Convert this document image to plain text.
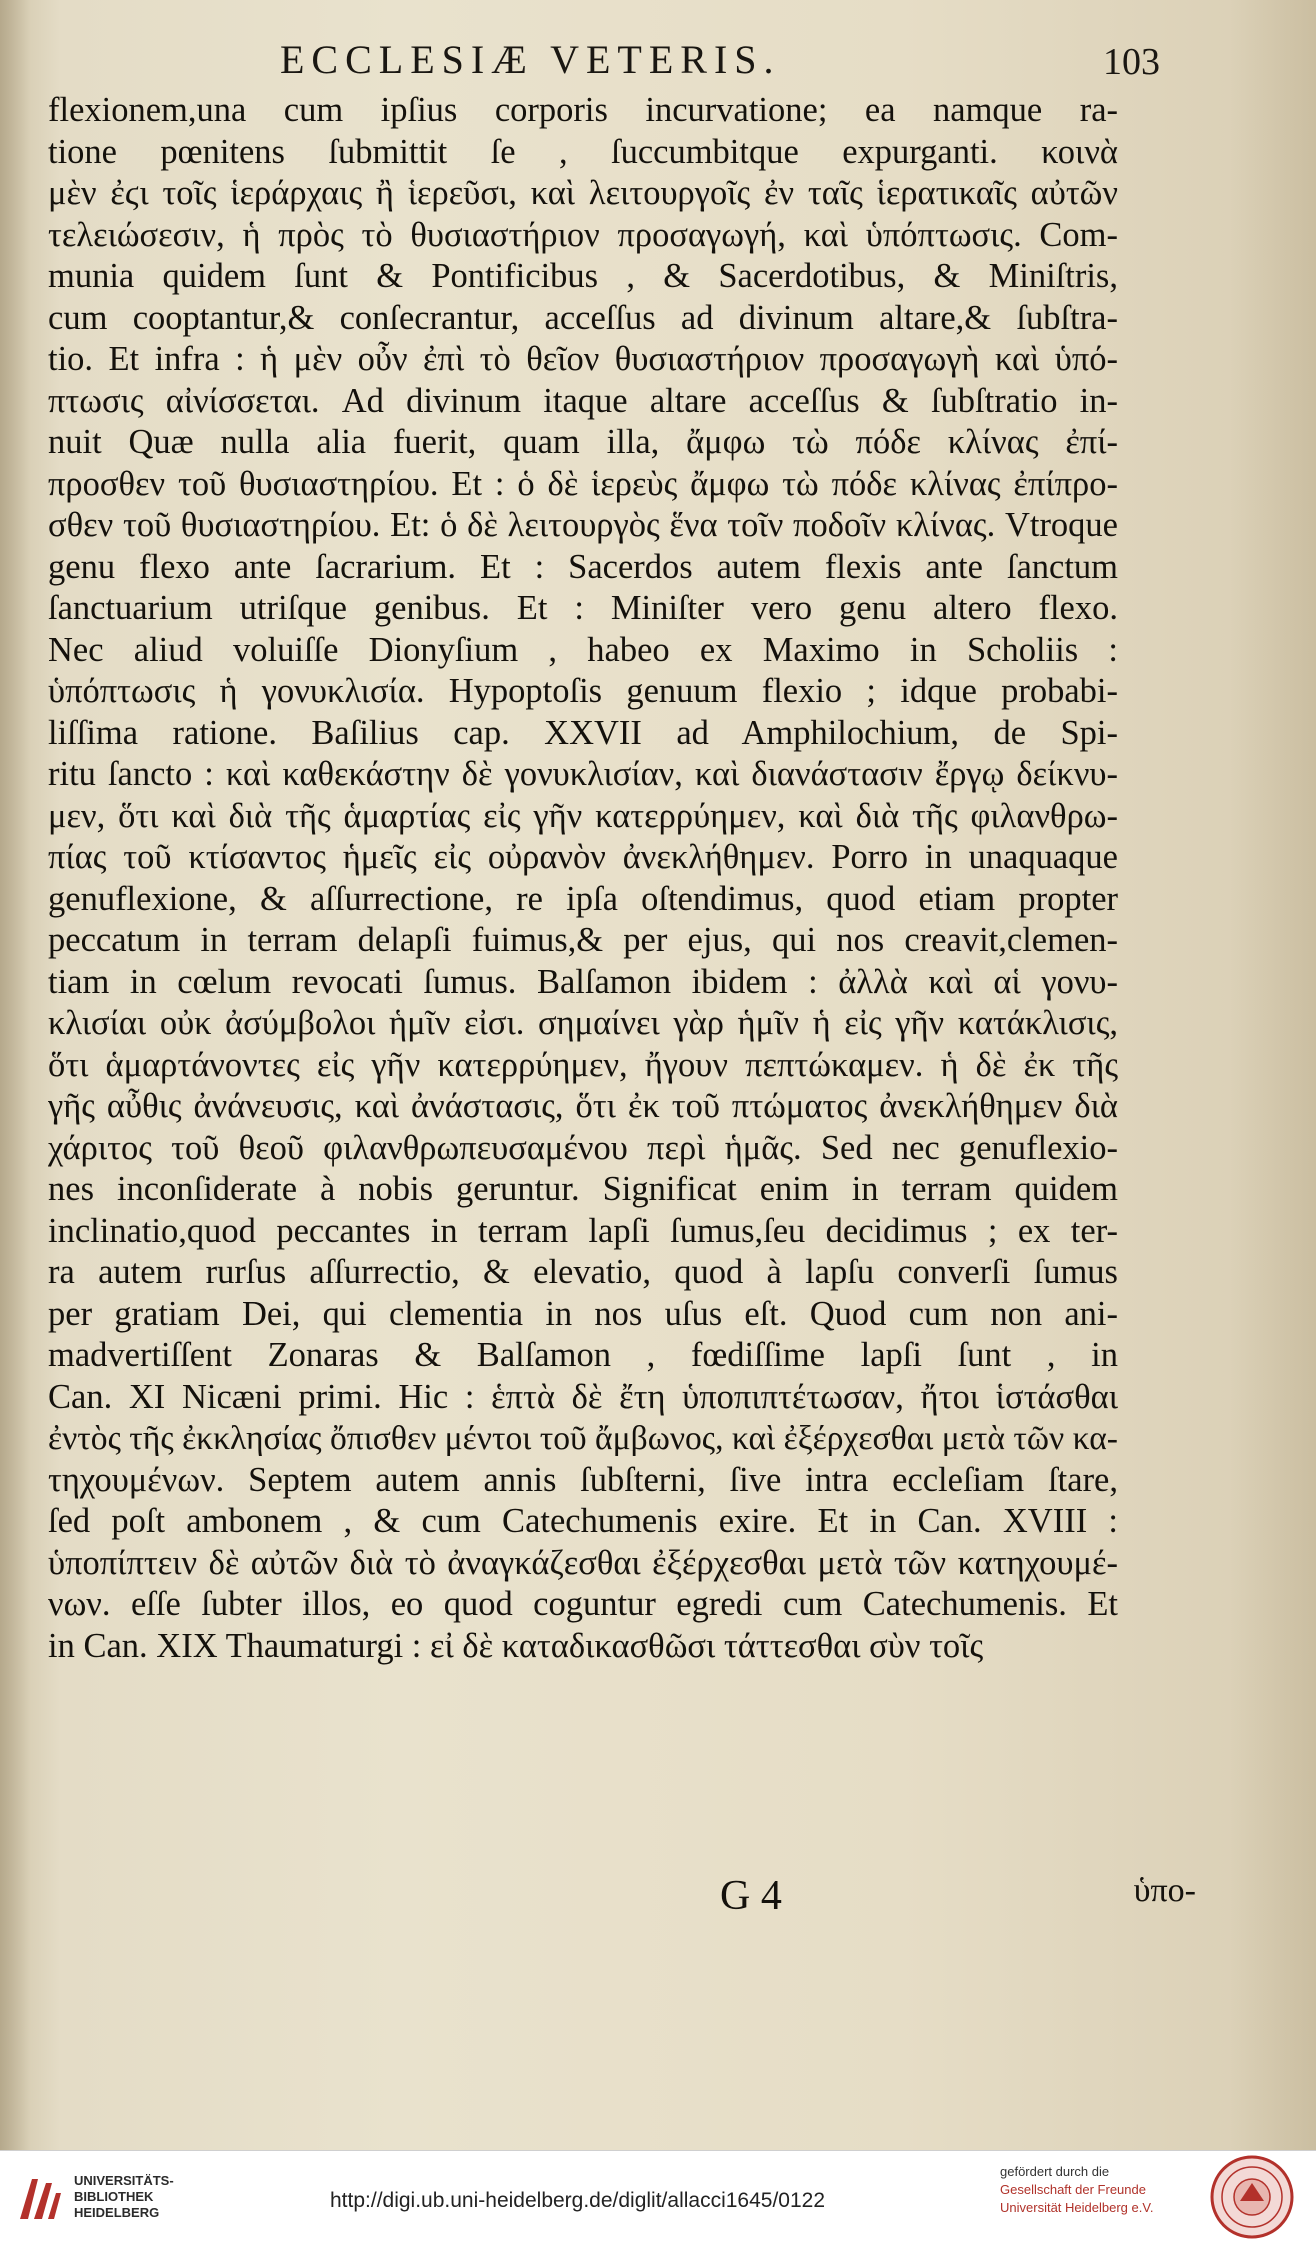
ECCLESIÆ VETERIS.	103
flexionem,una cum ipſius corporis incurvatione; ea namque ra-
tione pœnitens ſubmittit ſe , ſuccumbitque expurganti. κοινὰ
μὲν ἐϛι τοῖς ἱεράρχαις ἢ ἱερεῦσι, καὶ λειτουργοῖς ἐν ταῖς ἱερατικαῖς αὐτῶν
τελειώσεσιν, ἡ πρὸς τὸ θυσιαστήριον προσαγωγή, καὶ ὑπόπτωσις. Com-
munia quidem ſunt & Pontificibus , & Sacerdotibus, & Miniſtris,
cum cooptantur,& conſecrantur, acceſſus ad divinum altare,& ſubſtra-
tio. Et infra : ἡ μὲν οὖν ἐπὶ τὸ θεῖον θυσιαστήριον προσαγωγὴ καὶ ὑπό-
πτωσις αἰνίσσεται. Ad divinum itaque altare acceſſus & ſubſtratio in-
nuit Quæ nulla alia fuerit, quam illa, ἄμφω τὼ πόδε κλίνας ἐπί-
προσθεν τοῦ θυσιαστηρίου. Et : ὁ δὲ ἱερεὺς ἄμφω τὼ πόδε κλίνας ἐπίπρο-
σθεν τοῦ θυσιαστηρίου. Et: ὁ δὲ λειτουργὸς ἕνα τοῖν ποδοῖν κλίνας. Vtroque
genu flexo ante ſacrarium. Et : Sacerdos autem flexis ante ſanctum
ſanctuarium utriſque genibus. Et : Miniſter vero genu altero flexo.
Nec aliud voluiſſe Dionyſium , habeo ex Maximo in Scholiis :
ὑπόπτωσις ἡ γονυκλισία. Hypoptoſis genuum flexio ; idque probabi-
liſſima ratione. Baſilius cap. XXVII ad Amphilochium, de Spi-
ritu ſancto : καὶ καθεκάστην δὲ γονυκλισίαν, καὶ διανάστασιν ἔργῳ δείκνυ-
μεν, ὅτι καὶ διὰ τῆς ἁμαρτίας εἰς γῆν κατερρύημεν, καὶ διὰ τῆς φιλανθρω-
πίας τοῦ κτίσαντος ἡμεῖς εἰς οὐρανὸν ἀνεκλήθημεν. Porro in unaquaque
genuflexione, & aſſurrectione, re ipſa oſtendimus, quod etiam propter
peccatum in terram delapſi fuimus,& per ejus, qui nos creavit,clemen-
tiam in cœlum revocati ſumus. Balſamon ibidem : ἀλλὰ καὶ αἱ γονυ-
κλισίαι οὐκ ἀσύμβολοι ἡμῖν εἰσι. σημαίνει γὰρ ἡμῖν ἡ εἰς γῆν κατάκλισις,
ὅτι ἁμαρτάνοντες εἰς γῆν κατερρύημεν, ἤγουν πεπτώκαμεν. ἡ δὲ ἐκ τῆς
γῆς αὖθις ἀνάνευσις, καὶ ἀνάστασις, ὅτι ἐκ τοῦ πτώματος ἀνεκλήθημεν διὰ
χάριτος τοῦ θεοῦ φιλανθρωπευσαμένου περὶ ἡμᾶς. Sed nec genuflexio-
nes inconſiderate à nobis geruntur. Significat enim in terram quidem
inclinatio,quod peccantes in terram lapſi ſumus,ſeu decidimus ; ex ter-
ra autem rurſus aſſurrectio, & elevatio, quod à lapſu converſi ſumus
per gratiam Dei, qui clementia in nos uſus eſt. Quod cum non ani-
madvertiſſent Zonaras & Balſamon , fœdiſſime lapſi ſunt , in
Can. XI Nicæni primi. Hic : ἑπτὰ δὲ ἔτη ὑποπιπτέτωσαν, ἤτοι ἱστάσθαι
ἐντὸς τῆς ἐκκλησίας ὄπισθεν μέντοι τοῦ ἄμβωνος, καὶ ἐξέρχεσθαι μετὰ τῶν κα-
τηχουμένων. Septem autem annis ſubſterni, ſive intra eccleſiam ſtare,
ſed poſt ambonem , & cum Catechumenis exire. Et in Can. XVIII :
ὑποπίπτειν δὲ αὐτῶν διὰ τὸ ἀναγκάζεσθαι ἐξέρχεσθαι μετὰ τῶν κατηχουμέ-
νων. eſſe ſubter illos, eo quod coguntur egredi cum Catechumenis. Et
in Can. XIX Thaumaturgi : εἰ δὲ καταδικασθῶσι τάττεσθαι σὺν τοῖς
G 4	ὑπο-
UNIVERSITÄTS-
BIBLIOTHEK
HEIDELBERG
http://digi.ub.uni-heidelberg.de/diglit/allacci1645/0122
gefördert durch die
Gesellschaft der Freunde
Universität Heidelberg e.V.
